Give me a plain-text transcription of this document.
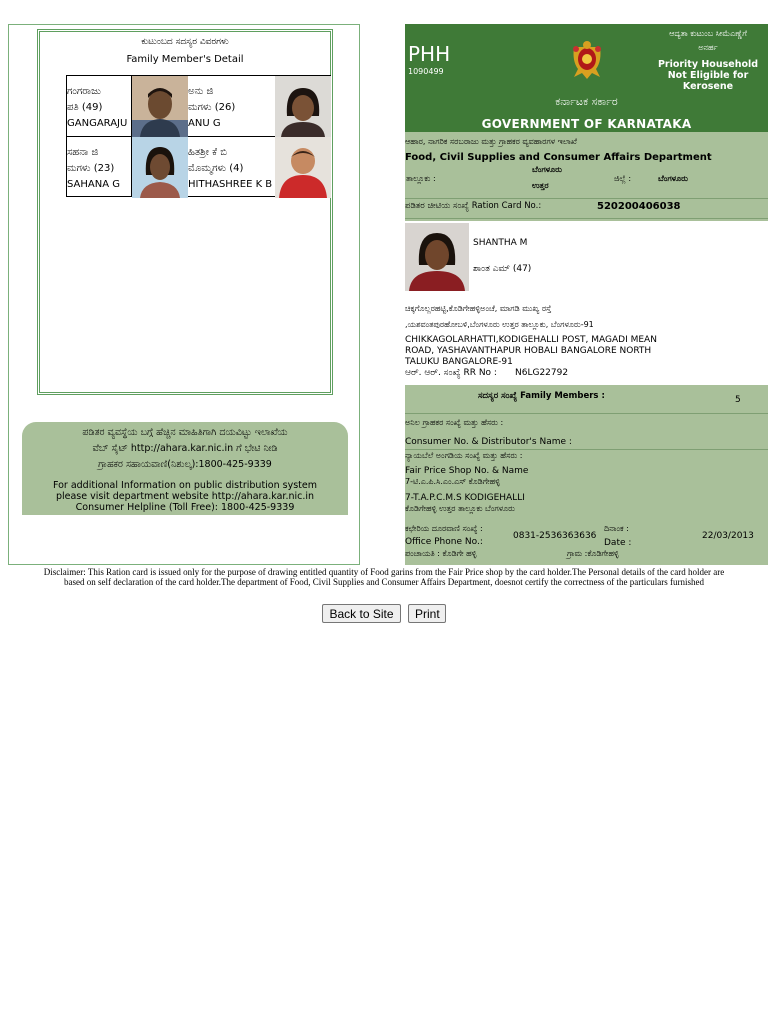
ಕುಟುಂಬದ ಸದಸ್ಯರ ವಿವರಗಳು
Family Member's Detail
ಗಂಗರಾಜು
ಪತಿ (49)
GANGARAJU
ಅನು ಜಿ
ಮಗಳು (26)
ANU G
ಸಹನಾ ಜಿ
ಮಗಳು (23)
SAHANA G
ಹಿತಶ್ರೀ ಕೆ ಬಿ
ಮೊಮ್ಮಗಳು (4)
HITHASHREE K B
ಪಡಿತರ ವ್ಯವಸ್ಥೆಯ ಬಗ್ಗೆ ಹೆಚ್ಚಿನ ಮಾಹಿತಿಗಾಗಿ ದಯವಿಟ್ಟು ಇಲಾಖೆಯ
ವೆಬ್ ಸೈಟ್ http://ahara.kar.nic.in ಗೆ ಭೇಟಿ ನೀಡಿ
ಗ್ರಾಹಕರ ಸಹಾಯವಾಣಿ(ನಿಶುಲ್ಕ):1800-425-9339
For additional Information on public distribution system
please visit department website http://ahara.kar.nic.in
Consumer Helpline (Toll Free): 1800-425-9339
PHH
1090499
ಆದ್ಯತಾ ಕುಟುಂಬ ಸೀಮೆಎಣ್ಣೆಗೆ
ಅನರ್ಹ
Priority Household
Not Eligible for
Kerosene
ಕರ್ನಾಟಕ ಸರ್ಕಾರ
GOVERNMENT OF KARNATAKA
ಆಹಾರ, ನಾಗರಿಕ ಸರಬರಾಜು ಮತ್ತು ಗ್ರಾಹಕರ ವ್ಯವಹಾರಗಳ ಇಲಾಖೆ
Food, Civil Supplies and Consumer Affairs Department
ತಾಲ್ಲೂಕು :
ಬೆಂಗಳೂರು
ಉತ್ತರ
ಜಿಲ್ಲೆ :	ಬೆಂಗಳೂರು
ಪಡಿತರ ಚೀಟಿಯ ಸಂಖ್ಯೆ Ration Card No.:	520200406038
SHANTHA M
ಶಾಂತ ಎಮ್ (47)
ಚಿಕ್ಕಗೊಲ್ಲರಹಟ್ಟಿ,ಕೊಡಿಗೇಹಳ್ಳಿಅಂಚೆ, ಮಾಗಡಿ ಮುಖ್ಯ ರಸ್ತೆ
,ಯಶವಂತಪುರಹೋಬಳಿ,ಬೆಂಗಳೂರು ಉತ್ತರ ತಾಲ್ಲೂಕು, ಬೆಂಗಳೂರು-91
CHIKKAGOLARHATTI,KODIGEHALLI POST, MAGADI MEAN
ROAD, YASHAVANTHAPUR HOBALI BANGALORE NORTH
TALUKU BANGALORE-91
ಆರ್. ಆರ್. ಸಂಖ್ಯೆ RR No :	N6LG22792
ಸದಸ್ಯರ ಸಂಖ್ಯೆ Family Members :	5
ಅನಿಲ ಗ್ರಾಹಕರ ಸಂಖ್ಯೆ ಮತ್ತು ಹೆಸರು :
Consumer No. & Distributor's Name :
ನ್ಯಾಯಬೆಲೆ ಅಂಗಡಿಯ ಸಂಖ್ಯೆ ಮತ್ತು ಹೆಸರು :
Fair Price Shop No. & Name
7-ಟಿ.ಎ.ಪಿ.ಸಿ.ಎಂ.ಎಸ್ ಕೊಡಿಗೇಹಳ್ಳಿ
7-T.A.P.C.M.S KODIGEHALLI
ಕೊಡಿಗೇಹಳ್ಳಿ ಉತ್ತರ ತಾಲ್ಲೂಕು ಬೆಂಗಳೂರು
ಕಛೇರಿಯ ದೂರವಾಣಿ ಸಂಖ್ಯೆ :
Office Phone No.:
0831-2536363636
ದಿನಾಂಕ :
Date :
22/03/2013
ಪಂಚಾಯತಿ : ಕೊಡಿಗೇ ಹಳ್ಳಿ	ಗ್ರಾಮ :ಕೊಡಿಗೇಹಳ್ಳಿ
Disclaimer: This Ration card is issued only for the purpose of drawing entitled quantity of Food garins from the Fair Price shop by the card holder.The Personal details of the card holder are
based on self declaration of the card holder.The department of Food, Civil Supplies and Consumer Affairs Department, doesnot certify the correctness of the particulars furnished
Back to Site	Print
